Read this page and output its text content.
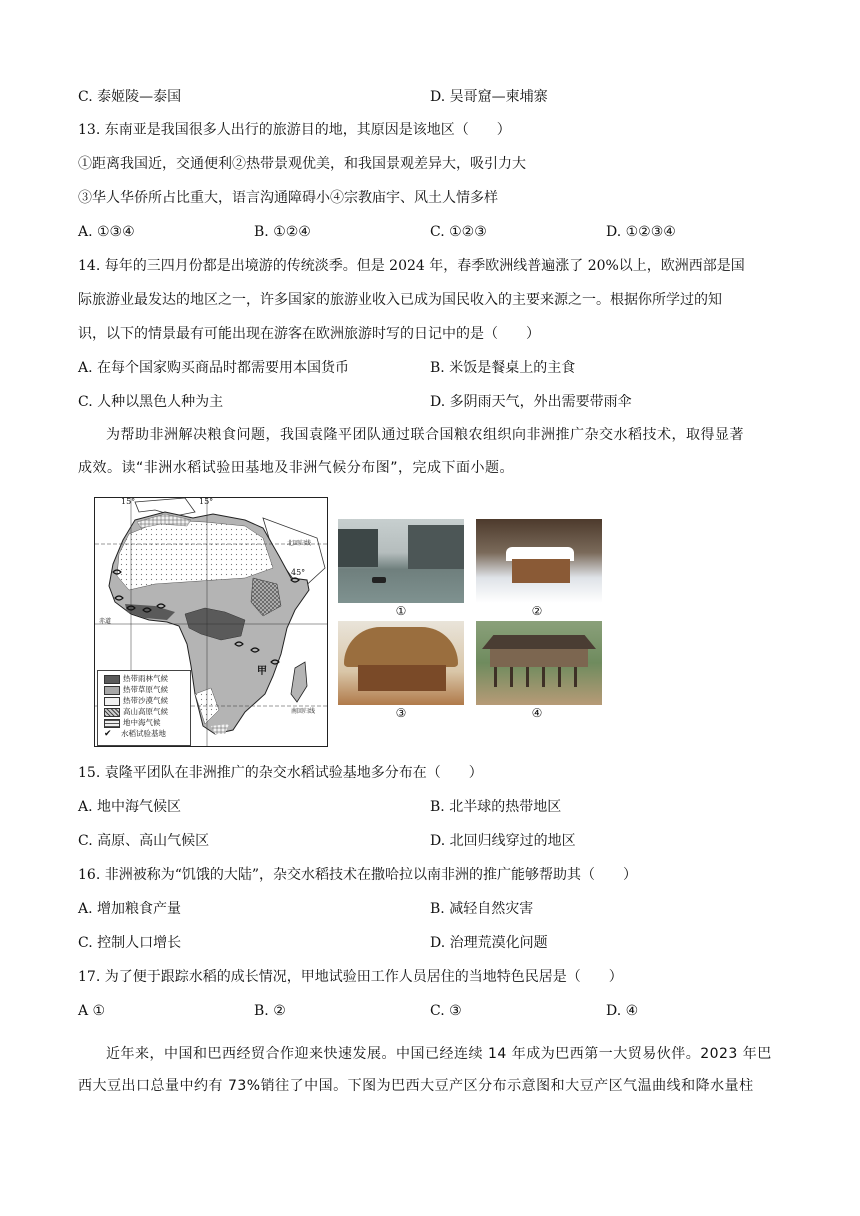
C. 泰姬陵—泰国	D. 吴哥窟—柬埔寨
13. 东南亚是我国很多人出行的旅游目的地，其原因是该地区（　　）
①距离我国近，交通便利②热带景观优美，和我国景观差异大，吸引力大
③华人华侨所占比重大，语言沟通障碍小④宗教庙宇、风土人情多样
A. ①③④	B. ①②④	C. ①②③	D. ①②③④
14. 每年的三四月份都是出境游的传统淡季。但是 2024 年，春季欧洲线普遍涨了 20%以上，欧洲西部是国
际旅游业最发达的地区之一，许多国家的旅游业收入已成为国民收入的主要来源之一。根据你所学过的知
识，以下的情景最有可能出现在游客在欧洲旅游时写的日记中的是（　　）
A. 在每个国家购买商品时都需要用本国货币	B. 米饭是餐桌上的主食
C. 人种以黑色人种为主	D. 多阴雨天气，外出需要带雨伞
为帮助非洲解决粮食问题，我国袁隆平团队通过联合国粮农组织向非洲推广杂交水稻技术，取得显著
成效。读“非洲水稻试验田基地及非洲气候分布图”，完成下面小题。
15°	15°
45°
北回归线
赤道
南回归线
甲
热带雨林气候
热带草原气候
热带沙漠气候
高山高原气候
地中海气候
✔ 水稻试验基地
①	②
③	④
15. 袁隆平团队在非洲推广的杂交水稻试验基地多分布在（　　）
A. 地中海气候区	B. 北半球的热带地区
C. 高原、高山气候区	D. 北回归线穿过的地区
16. 非洲被称为“饥饿的大陆”，杂交水稻技术在撒哈拉以南非洲的推广能够帮助其（　　）
A. 增加粮食产量	B. 减轻自然灾害
C. 控制人口增长	D. 治理荒漠化问题
17. 为了便于跟踪水稻的成长情况，甲地试验田工作人员居住的当地特色民居是（　　）
A ①	B. ②	C. ③	D. ④
近年来，中国和巴西经贸合作迎来快速发展。中国已经连续 14 年成为巴西第一大贸易伙伴。2023 年巴
西大豆出口总量中约有 73%销往了中国。下图为巴西大豆产区分布示意图和大豆产区气温曲线和降水量柱
